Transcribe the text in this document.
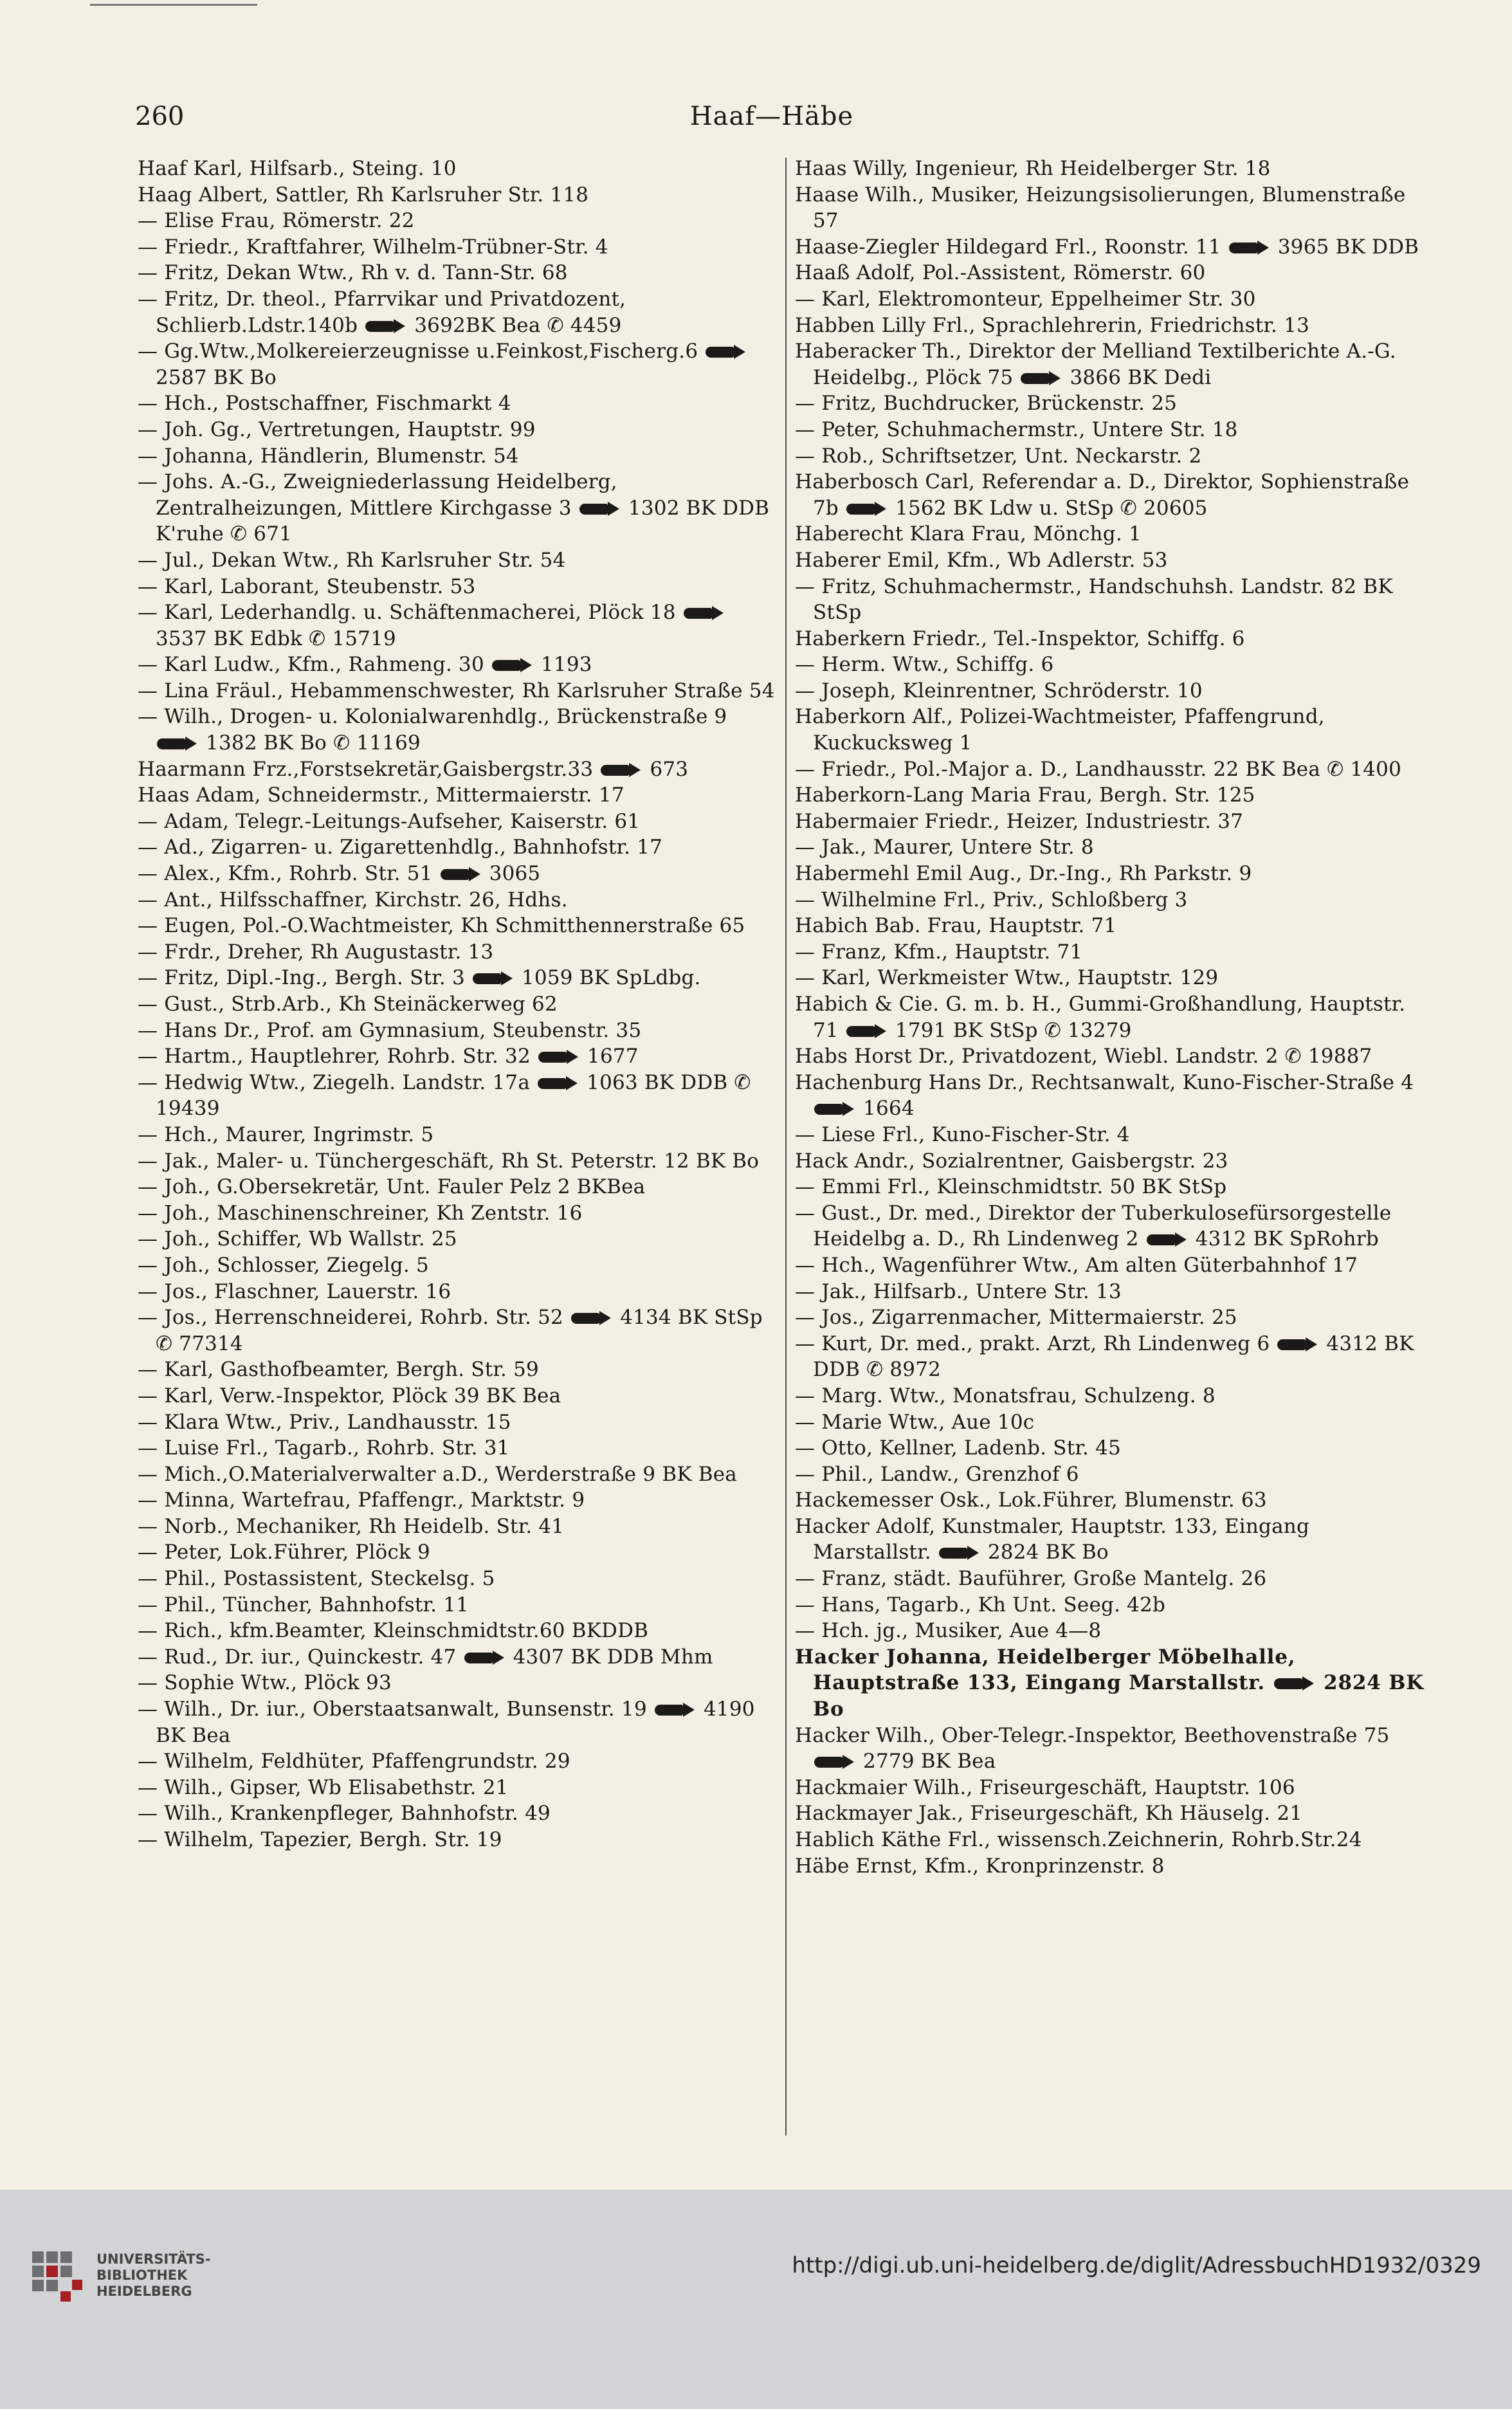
260	Haaf—Häbe
Haaf Karl, Hilfsarb., Steing. 10
Haag Albert, Sattler, Rh Karlsruher Str. 118
— Elise Frau, Römerstr. 22
— Friedr., Kraftfahrer, Wilhelm-Trübner-Str. 4
— Fritz, Dekan Wtw., Rh v. d. Tann-Str. 68
— Fritz, Dr. theol., Pfarrvikar und Privatdozent, Schlierb.Ldstr.140b  3692BK Bea ✆ 4459
— Gg.Wtw.,Molkereierzeugnisse u.Feinkost,Fischerg.6  2587 BK Bo
— Hch., Postschaffner, Fischmarkt 4
— Joh. Gg., Vertretungen, Hauptstr. 99
— Johanna, Händlerin, Blumenstr. 54
— Johs. A.-G., Zweigniederlassung Heidelberg, Zentralheizungen, Mittlere Kirchgasse 3  1302 BK DDB K'ruhe ✆ 671
— Jul., Dekan Wtw., Rh Karlsruher Str. 54
— Karl, Laborant, Steubenstr. 53
— Karl, Lederhandlg. u. Schäftenmacherei, Plöck 18  3537 BK Edbk ✆ 15719
— Karl Ludw., Kfm., Rahmeng. 30  1193
— Lina Fräul., Hebammenschwester, Rh Karlsruher Straße 54
— Wilh., Drogen- u. Kolonialwarenhdlg., Brückenstraße 9  1382 BK Bo ✆ 11169
Haarmann Frz.,Forstsekretär,Gaisbergstr.33  673
Haas Adam, Schneidermstr., Mittermaierstr. 17
— Adam, Telegr.-Leitungs-Aufseher, Kaiserstr. 61
— Ad., Zigarren- u. Zigarettenhdlg., Bahnhofstr. 17
— Alex., Kfm., Rohrb. Str. 51  3065
— Ant., Hilfsschaffner, Kirchstr. 26, Hdhs.
— Eugen, Pol.-O.Wachtmeister, Kh Schmitthennerstraße 65
— Frdr., Dreher, Rh Augustastr. 13
— Fritz, Dipl.-Ing., Bergh. Str. 3  1059 BK SpLdbg.
— Gust., Strb.Arb., Kh Steinäckerweg 62
— Hans Dr., Prof. am Gymnasium, Steubenstr. 35
— Hartm., Hauptlehrer, Rohrb. Str. 32  1677
— Hedwig Wtw., Ziegelh. Landstr. 17a  1063 BK DDB ✆ 19439
— Hch., Maurer, Ingrimstr. 5
— Jak., Maler- u. Tünchergeschäft, Rh St. Peterstr. 12 BK Bo
— Joh., G.Obersekretär, Unt. Fauler Pelz 2 BKBea
— Joh., Maschinenschreiner, Kh Zentstr. 16
— Joh., Schiffer, Wb Wallstr. 25
— Joh., Schlosser, Ziegelg. 5
— Jos., Flaschner, Lauerstr. 16
— Jos., Herrenschneiderei, Rohrb. Str. 52  4134 BK StSp ✆ 77314
— Karl, Gasthofbeamter, Bergh. Str. 59
— Karl, Verw.-Inspektor, Plöck 39 BK Bea
— Klara Wtw., Priv., Landhausstr. 15
— Luise Frl., Tagarb., Rohrb. Str. 31
— Mich.,O.Materialverwalter a.D., Werderstraße 9 BK Bea
— Minna, Wartefrau, Pfaffengr., Marktstr. 9
— Norb., Mechaniker, Rh Heidelb. Str. 41
— Peter, Lok.Führer, Plöck 9
— Phil., Postassistent, Steckelsg. 5
— Phil., Tüncher, Bahnhofstr. 11
— Rich., kfm.Beamter, Kleinschmidtstr.60 BKDDB
— Rud., Dr. iur., Quinckestr. 47  4307 BK DDB Mhm
— Sophie Wtw., Plöck 93
— Wilh., Dr. iur., Oberstaatsanwalt, Bunsenstr. 19  4190 BK Bea
— Wilhelm, Feldhüter, Pfaffengrundstr. 29
— Wilh., Gipser, Wb Elisabethstr. 21
— Wilh., Krankenpfleger, Bahnhofstr. 49
— Wilhelm, Tapezier, Bergh. Str. 19
Haas Willy, Ingenieur, Rh Heidelberger Str. 18
Haase Wilh., Musiker, Heizungsisolierungen, Blumenstraße 57
Haase-Ziegler Hildegard Frl., Roonstr. 11  3965 BK DDB
Haaß Adolf, Pol.-Assistent, Römerstr. 60
— Karl, Elektromonteur, Eppelheimer Str. 30
Habben Lilly Frl., Sprachlehrerin, Friedrichstr. 13
Haberacker Th., Direktor der Melliand Textilberichte A.-G. Heidelbg., Plöck 75  3866 BK Dedi
— Fritz, Buchdrucker, Brückenstr. 25
— Peter, Schuhmachermstr., Untere Str. 18
— Rob., Schriftsetzer, Unt. Neckarstr. 2
Haberbosch Carl, Referendar a. D., Direktor, Sophienstraße 7b  1562 BK Ldw u. StSp ✆ 20605
Haberecht Klara Frau, Mönchg. 1
Haberer Emil, Kfm., Wb Adlerstr. 53
— Fritz, Schuhmachermstr., Handschuhsh. Landstr. 82 BK StSp
Haberkern Friedr., Tel.-Inspektor, Schiffg. 6
— Herm. Wtw., Schiffg. 6
— Joseph, Kleinrentner, Schröderstr. 10
Haberkorn Alf., Polizei-Wachtmeister, Pfaffengrund, Kuckucksweg 1
— Friedr., Pol.-Major a. D., Landhausstr. 22 BK Bea ✆ 1400
Haberkorn-Lang Maria Frau, Bergh. Str. 125
Habermaier Friedr., Heizer, Industriestr. 37
— Jak., Maurer, Untere Str. 8
Habermehl Emil Aug., Dr.-Ing., Rh Parkstr. 9
— Wilhelmine Frl., Priv., Schloßberg 3
Habich Bab. Frau, Hauptstr. 71
— Franz, Kfm., Hauptstr. 71
— Karl, Werkmeister Wtw., Hauptstr. 129
Habich & Cie. G. m. b. H., Gummi-Großhandlung, Hauptstr. 71  1791 BK StSp ✆ 13279
Habs Horst Dr., Privatdozent, Wiebl. Landstr. 2 ✆ 19887
Hachenburg Hans Dr., Rechtsanwalt, Kuno-Fischer-Straße 4  1664
— Liese Frl., Kuno-Fischer-Str. 4
Hack Andr., Sozialrentner, Gaisbergstr. 23
— Emmi Frl., Kleinschmidtstr. 50 BK StSp
— Gust., Dr. med., Direktor der Tuberkulosefürsorgestelle Heidelbg a. D., Rh Lindenweg 2  4312 BK SpRohrb
— Hch., Wagenführer Wtw., Am alten Güterbahnhof 17
— Jak., Hilfsarb., Untere Str. 13
— Jos., Zigarrenmacher, Mittermaierstr. 25
— Kurt, Dr. med., prakt. Arzt, Rh Lindenweg 6  4312 BK DDB ✆ 8972
— Marg. Wtw., Monatsfrau, Schulzeng. 8
— Marie Wtw., Aue 10c
— Otto, Kellner, Ladenb. Str. 45
— Phil., Landw., Grenzhof 6
Hackemesser Osk., Lok.Führer, Blumenstr. 63
Hacker Adolf, Kunstmaler, Hauptstr. 133, Eingang Marstallstr.  2824 BK Bo
— Franz, städt. Bauführer, Große Mantelg. 26
— Hans, Tagarb., Kh Unt. Seeg. 42b
— Hch. jg., Musiker, Aue 4—8
Hacker Johanna, Heidelberger Möbelhalle, Hauptstraße 133, Eingang Marstallstr.  2824 BK Bo
Hacker Wilh., Ober-Telegr.-Inspektor, Beethovenstraße 75  2779 BK Bea
Hackmaier Wilh., Friseurgeschäft, Hauptstr. 106
Hackmayer Jak., Friseurgeschäft, Kh Häuselg. 21
Hablich Käthe Frl., wissensch.Zeichnerin, Rohrb.Str.24
Häbe Ernst, Kfm., Kronprinzenstr. 8
UNIVERSITÄTS-
BIBLIOTHEK
HEIDELBERG
http://digi.ub.uni-heidelberg.de/diglit/AdressbuchHD1932/0329
